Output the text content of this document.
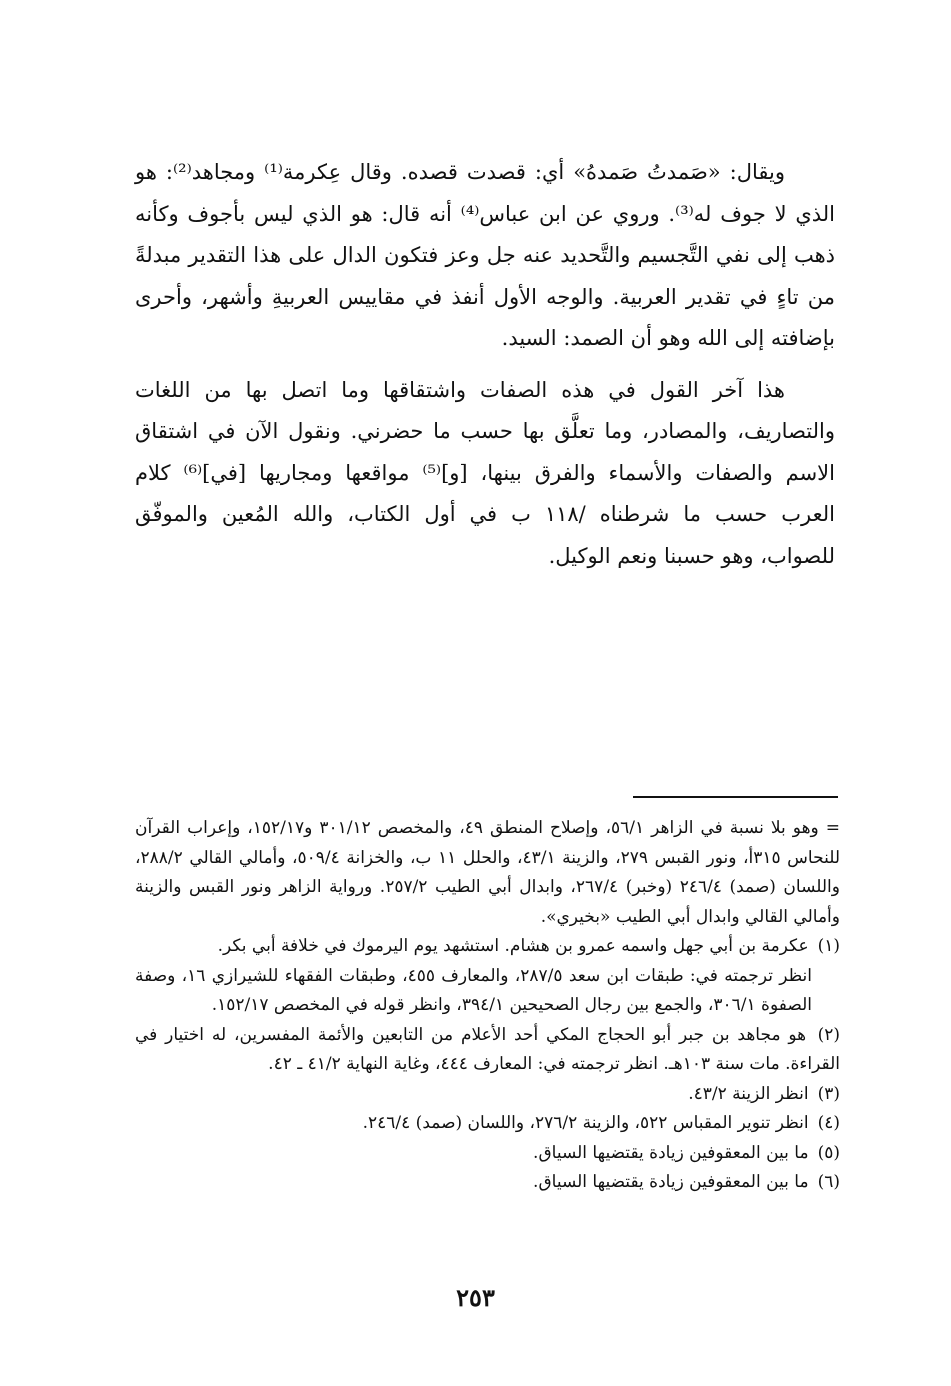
ويقال: «صَمدتُ صَمدهُ» أي: قصدت قصده. وقال عِكرمة⁽¹⁾ ومجاهد⁽²⁾: هو الذي لا جوف له⁽³⁾. وروي عن ابن عباس⁽⁴⁾ أنه قال: هو الذي ليس بأجوف وكأنه ذهب إلى نفي التَّجسيم والتَّحديد عنه جل وعز فتكون الدال على هذا التقدير مبدلةً من تاءٍ في تقدير العربية. والوجه الأول أنفذ في مقاييس العربيةِ وأشهر، وأحرى بإضافته إلى الله وهو أن الصمد: السيد.

هذا آخر القول في هذه الصفات واشتقاقها وما اتصل بها من اللغات والتصاريف، والمصادر، وما تعلَّق بها حسب ما حضرني. ونقول الآن في اشتقاق الاسم والصفات والأسماء والفرق بينها، [و]⁽⁵⁾ مواقعها ومجاريها [في]⁽⁶⁾ كلام العرب حسب ما شرطناه /١١٨ ب في أول الكتاب، والله المُعين والموفّق للصواب، وهو حسبنا ونعم الوكيل.

= وهو بلا نسبة في الزاهر ٥٦/١، وإصلاح المنطق ٤٩، والمخصص ٣٠١/١٢ و١٥٢/١٧، وإعراب القرآن للنحاس ٣١٥أ، ونور القبس ٢٧٩، والزينة ٤٣/١، والحلل ١١ ب، والخزانة ٥٠٩/٤، وأمالي القالي ٢٨٨/٢، واللسان (صمد) ٢٤٦/٤ (وخبر) ٢٦٧/٤، وابدال أبي الطيب ٢٥٧/٢. ورواية الزاهر ونور القبس والزينة وأمالي القالي وابدال أبي الطيب «بخيري».

(١) عكرمة بن أبي جهل واسمه عمرو بن هشام. استشهد يوم اليرموك في خلافة أبي بكر.

انظر ترجمته في: طبقات ابن سعد ٢٨٧/٥، والمعارف ٤٥٥، وطبقات الفقهاء للشيرازي ١٦، وصفة الصفوة ٣٠٦/١، والجمع بين رجال الصحيحين ٣٩٤/١، وانظر قوله في المخصص ١٥٢/١٧.

(٢) هو مجاهد بن جبر أبو الحجاج المكي أحد الأعلام من التابعين والأئمة المفسرين، له اختيار في القراءة. مات سنة ١٠٣هـ. انظر ترجمته في: المعارف ٤٤٤، وغاية النهاية ٤١/٢ ـ ٤٢.

(٣) انظر الزينة ٤٣/٢.

(٤) انظر تنوير المقباس ٥٢٢، والزينة ٢٧٦/٢، واللسان (صمد) ٢٤٦/٤.

(٥) ما بين المعقوفين زيادة يقتضيها السياق.

(٦) ما بين المعقوفين زيادة يقتضيها السياق.

٢٥٣
